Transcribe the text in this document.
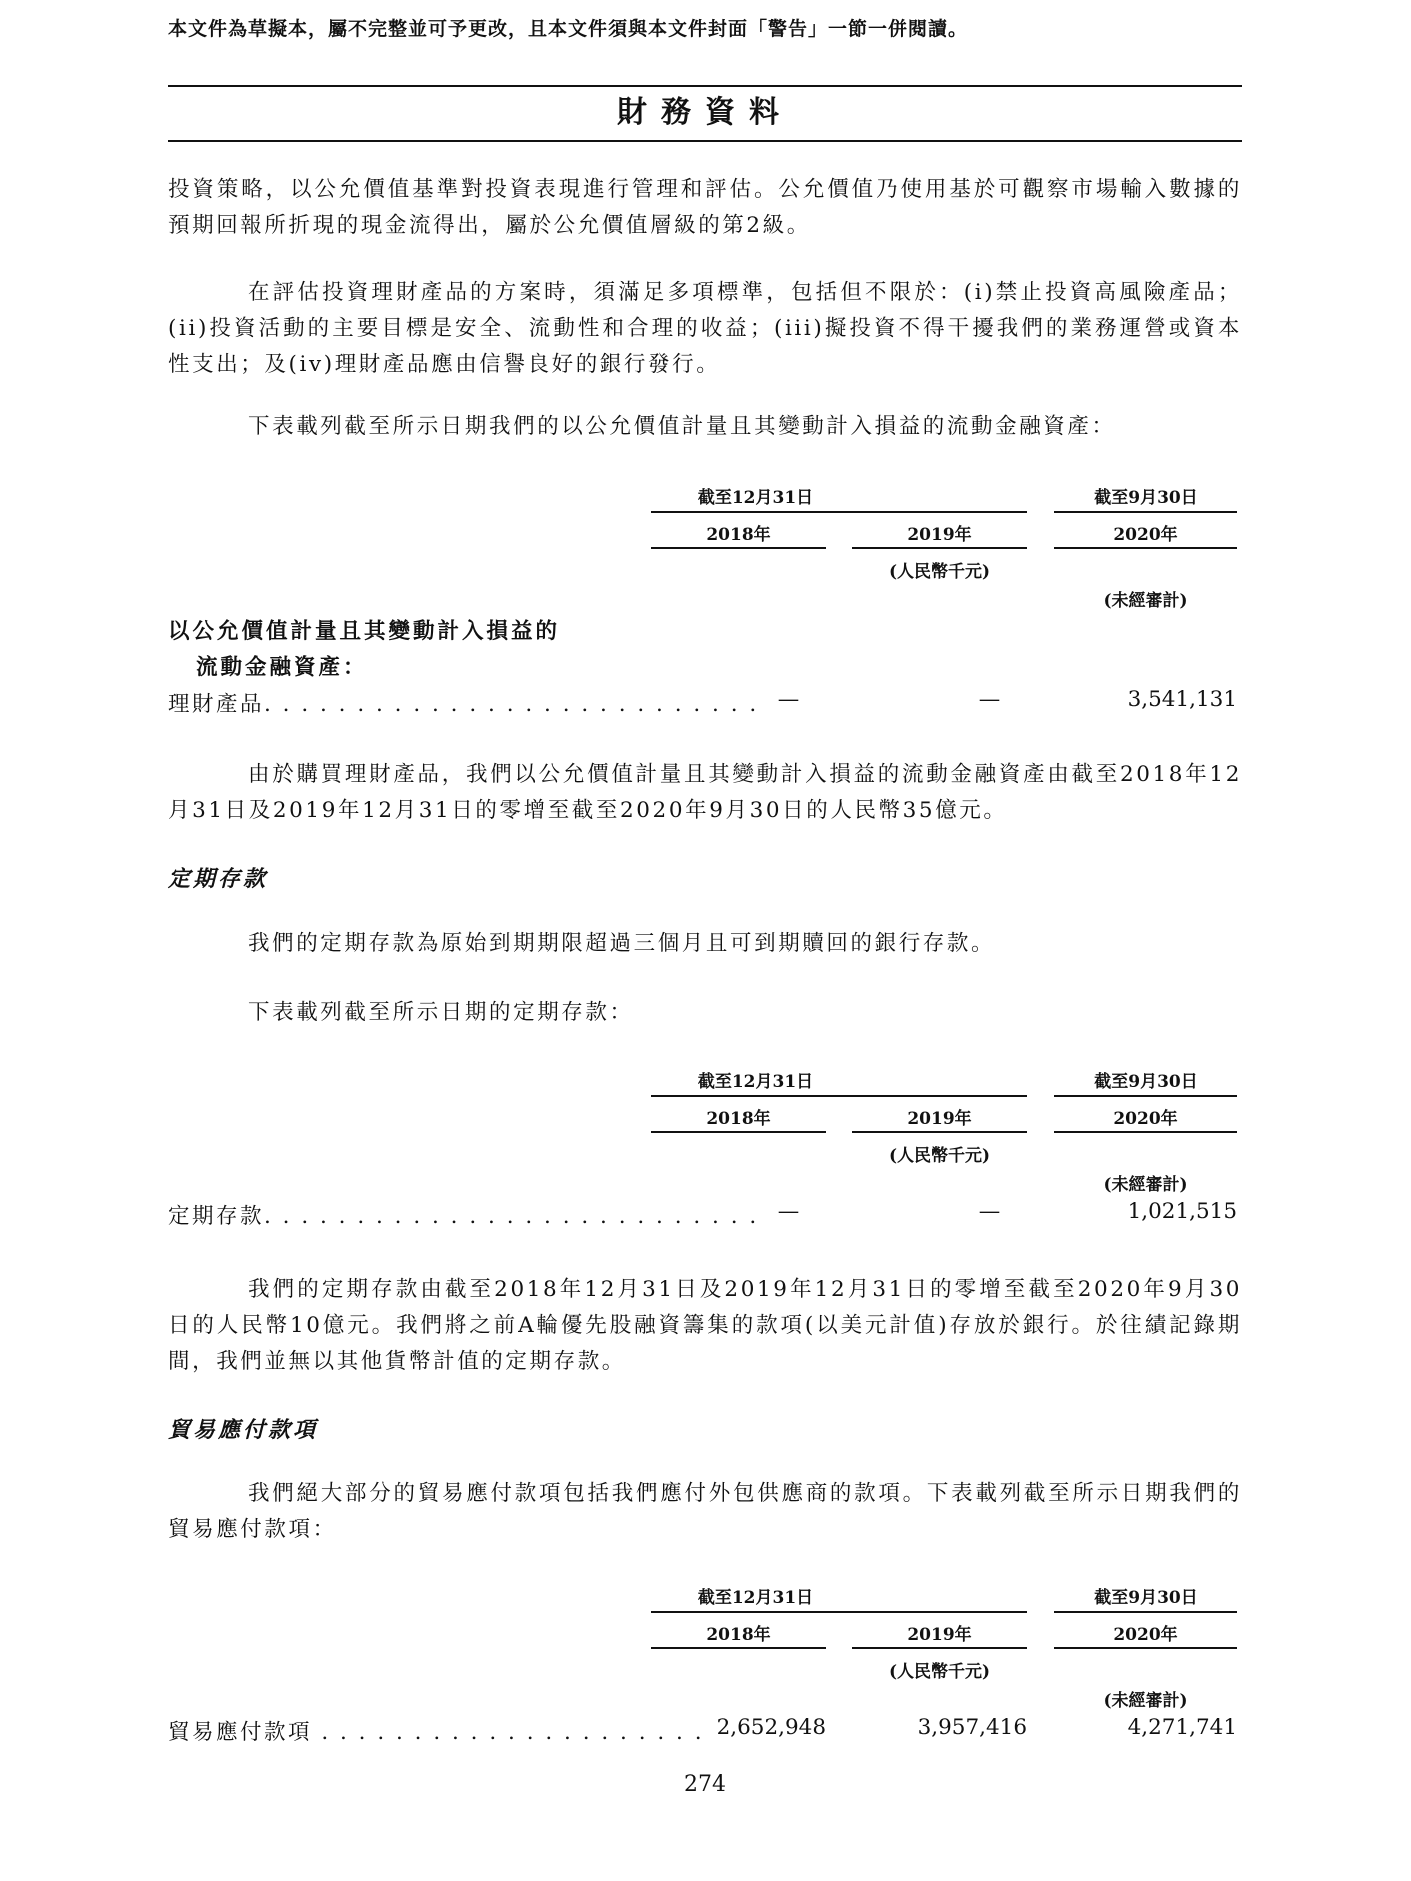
本文件為草擬本，屬不完整並可予更改，且本文件須與本文件封面「警告」一節一併閱讀。
財務資料

投資策略，以公允價值基準對投資表現進行管理和評估。公允價值乃使用基於可觀察市場輸入數據的預期回報所折現的現金流得出，屬於公允價值層級的第2級。

在評估投資理財產品的方案時，須滿足多項標準，包括但不限於：(i)禁止投資高風險產品；(ii)投資活動的主要目標是安全、流動性和合理的收益；(iii)擬投資不得干擾我們的業務運營或資本性支出；及(iv)理財產品應由信譽良好的銀行發行。

下表載列截至所示日期我們的以公允價值計量且其變動計入損益的流動金融資產：

截至12月31日	截至9月30日
2018年	2019年	2020年
(人民幣千元)
(未經審計)
以公允價值計量且其變動計入損益的
流動金融資產：
理財產品. . . . . . . . . . . . . . . . . . . . . . . . . . . —	—	3,541,131

由於購買理財產品，我們以公允價值計量且其變動計入損益的流動金融資產由截至2018年12月31日及2019年12月31日的零增至截至2020年9月30日的人民幣35億元。

定期存款

我們的定期存款為原始到期期限超過三個月且可到期贖回的銀行存款。

下表載列截至所示日期的定期存款：

截至12月31日	截至9月30日
2018年	2019年	2020年
(人民幣千元)
(未經審計)
定期存款. . . . . . . . . . . . . . . . . . . . . . . . . . . —	—	1,021,515

我們的定期存款由截至2018年12月31日及2019年12月31日的零增至截至2020年9月30日的人民幣10億元。我們將之前A輪優先股融資籌集的款項(以美元計值)存放於銀行。於往績記錄期間，我們並無以其他貨幣計值的定期存款。

貿易應付款項

我們絕大部分的貿易應付款項包括我們應付外包供應商的款項。下表載列截至所示日期我們的貿易應付款項：

截至12月31日	截至9月30日
2018年	2019年	2020年
(人民幣千元)
(未經審計)
貿易應付款項 . . . . . . . . . . . . . . . . . . . . . 2,652,948	3,957,416	4,271,741
274
